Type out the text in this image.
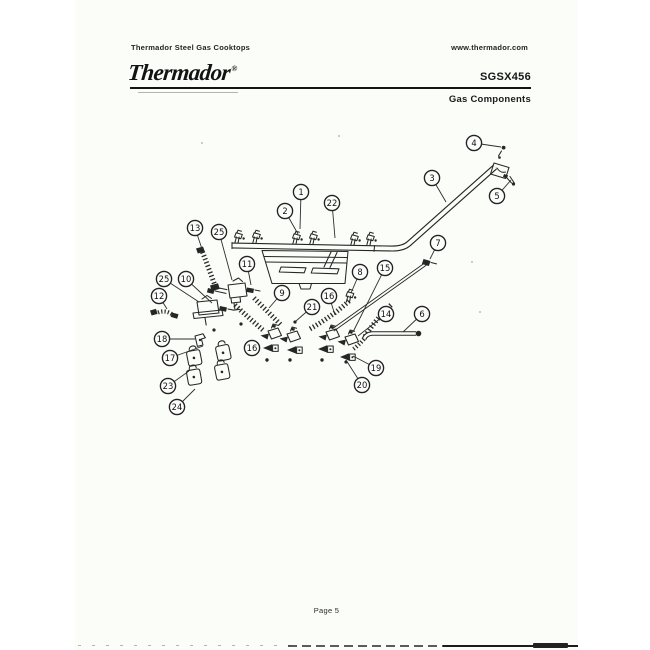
Thermador Steel Gas Cooktops	www.thermador.com
Thermador®
SGSX456
Gas Components
1
2
22
3
4
5
7
13 25
11
8 15
16
21
9
10
25
12
18
17
23
24
14	6
19
20
16
Page 5
